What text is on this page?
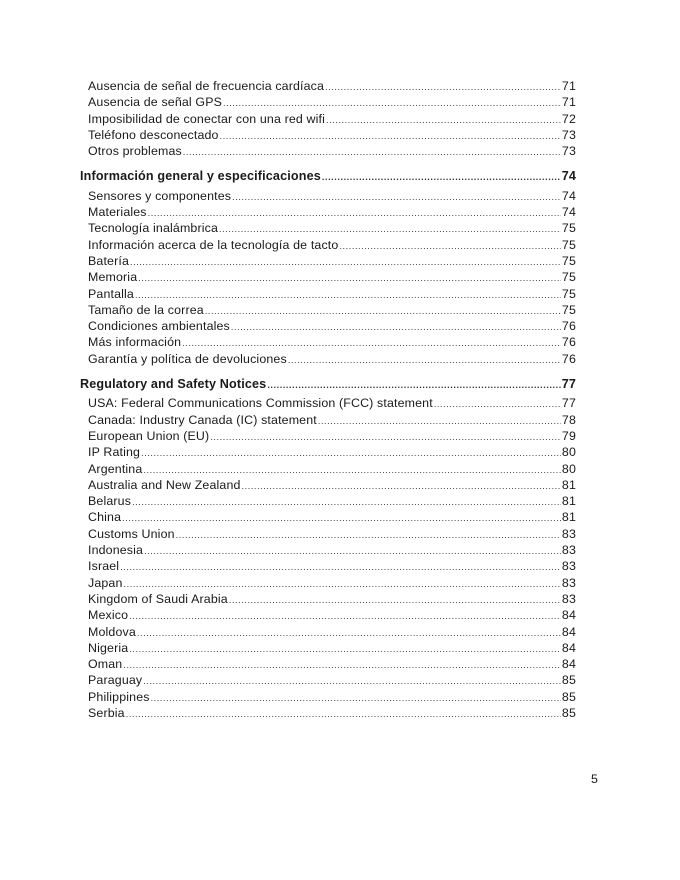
Ausencia de señal de frecuencia cardíaca .....	71
Ausencia de señal GPS .....	71
Imposibilidad de conectar con una red wifi .....	72
Teléfono desconectado .....	73
Otros problemas .....	73
Información general y especificaciones .....	74
Sensores y componentes .....	74
Materiales .....	74
Tecnología inalámbrica .....	75
Información acerca de la tecnología de tacto .....	75
Batería .....	75
Memoria .....	75
Pantalla .....	75
Tamaño de la correa .....	75
Condiciones ambientales .....	76
Más información .....	76
Garantía y política de devoluciones .....	76
Regulatory and Safety Notices .....	77
USA: Federal Communications Commission (FCC) statement .....	77
Canada: Industry Canada (IC) statement .....	78
European Union (EU) .....	79
IP Rating .....	80
Argentina .....	80
Australia and New Zealand .....	81
Belarus .....	81
China .....	81
Customs Union .....	83
Indonesia .....	83
Israel .....	83
Japan .....	83
Kingdom of Saudi Arabia .....	83
Mexico .....	84
Moldova .....	84
Nigeria .....	84
Oman .....	84
Paraguay .....	85
Philippines .....	85
Serbia .....	85
5
